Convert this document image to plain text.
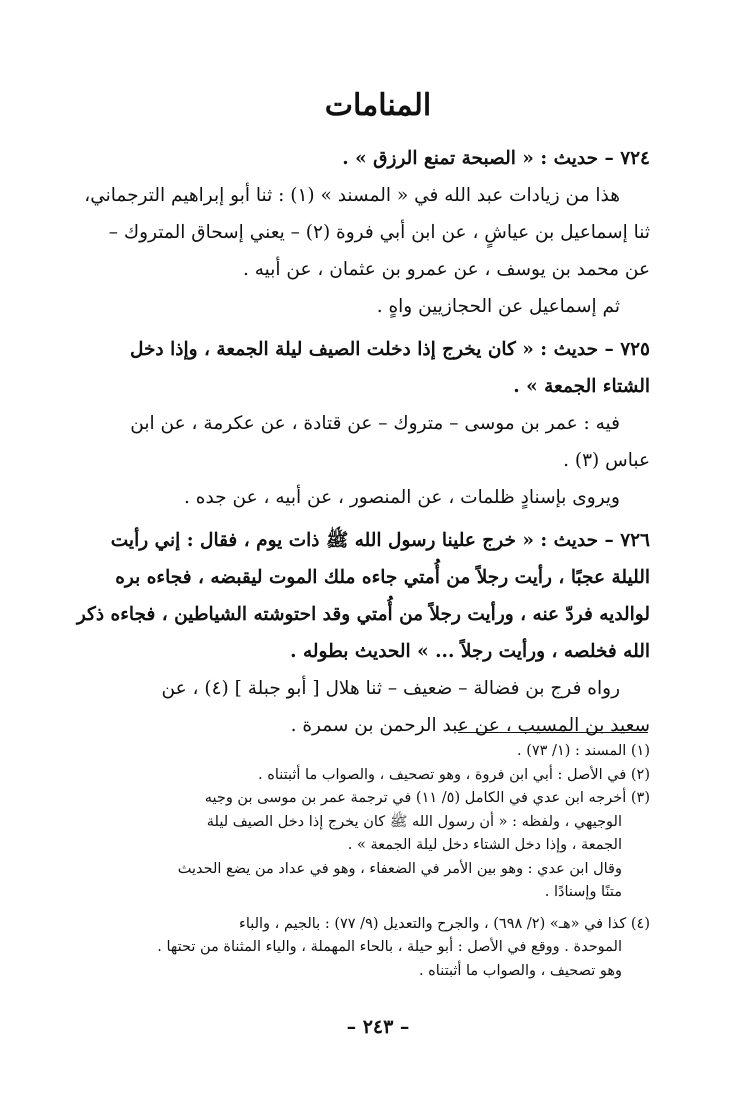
المنامات
٧٢٤ – حديث : « الصبحة تمنع الرزق » .
هذا من زيادات عبد الله في « المسند » (١) : ثنا أبو إبراهيم الترجماني،
ثنا إسماعيل بن عياشٍ ، عن ابن أبي فروة (٢) – يعني إسحاق المتروك –
عن محمد بن يوسف ، عن عمرو بن عثمان ، عن أبيه .
ثم إسماعيل عن الحجازيين واهٍ .
٧٢٥ – حديث : « كان يخرج إذا دخلت الصيف ليلة الجمعة ، وإذا دخل
الشتاء الجمعة » .
فيه : عمر بن موسى – متروك – عن قتادة ، عن عكرمة ، عن ابن
عباس (٣) .
ويروى بإسنادٍ ظلمات ، عن المنصور ، عن أبيه ، عن جده .
٧٢٦ – حديث : « خرج علينا رسول الله ﷺ ذات يوم ، فقال : إني رأيت
الليلة عجبًا ، رأيت رجلاً من أُمتي جاءه ملك الموت ليقبضه ، فجاءه بره
لوالديه فردّ عنه ، ورأيت رجلاً من أُمتي وقد احتوشته الشياطين ، فجاءه ذكر
الله فخلصه ، ورأيت رجلاً ... » الحديث بطوله .
رواه فرج بن فضالة – ضعيف – ثنا هلال [ أبو جبلة ] (٤) ، عن
سعيد بن المسيب ، عن عبد الرحمن بن سمرة .
(١) المسند : (١/ ٧٣) .
(٢) في الأصل : أبي ابن فروة ، وهو تصحيف ، والصواب ما أثبتناه .
(٣) أخرجه ابن عدي في الكامل (٥/ ١١) في ترجمة عمر بن موسى بن وجيه
الوجيهي ، ولفظه : « أن رسول الله ﷺ كان يخرج إذا دخل الصيف ليلة
الجمعة ، وإذا دخل الشتاء دخل ليلة الجمعة » .
وقال ابن عدي : وهو بين الأمر في الضعفاء ، وهو في عداد من يضع الحديث
متنًا وإسنادًا .
(٤) كذا في «هـ» (٢/ ٦٩٨) ، والجرح والتعديل (٩/ ٧٧) : بالجيم ، والباء
الموحدة . ووقع في الأصل : أبو حيلة ، بالحاء المهملة ، والياء المثناة من تحتها .
وهو تصحيف ، والصواب ما أثبتناه .
– ٢٤٣ –
